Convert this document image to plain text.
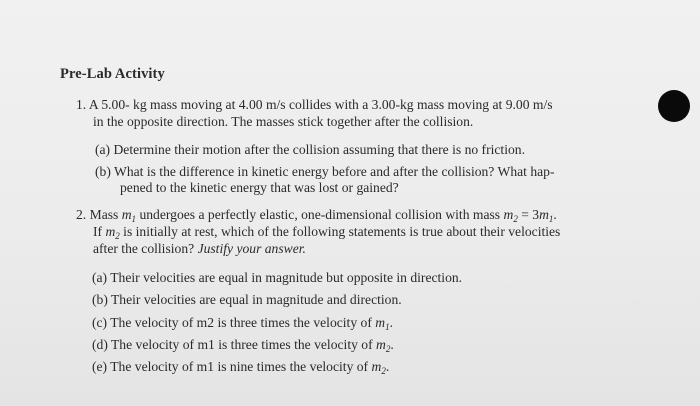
Pre-Lab Activity
1. A 5.00- kg mass moving at 4.00 m/s collides with a 3.00-kg mass moving at 9.00 m/s
in the opposite direction. The masses stick together after the collision.
(a) Determine their motion after the collision assuming that there is no friction.
(b) What is the difference in kinetic energy before and after the collision? What hap-
pened to the kinetic energy that was lost or gained?
2. Mass $m_1$ undergoes a perfectly elastic, one-dimensional collision with mass $m_2 = 3m_1$.
If $m_2$ is initially at rest, which of the following statements is true about their velocities
after the collision? Justify your answer.
(a) Their velocities are equal in magnitude but opposite in direction.
(b) Their velocities are equal in magnitude and direction.
(c) The velocity of m2 is three times the velocity of $m_1$.
(d) The velocity of m1 is three times the velocity of $m_2$.
(e) The velocity of m1 is nine times the velocity of $m_2$.
